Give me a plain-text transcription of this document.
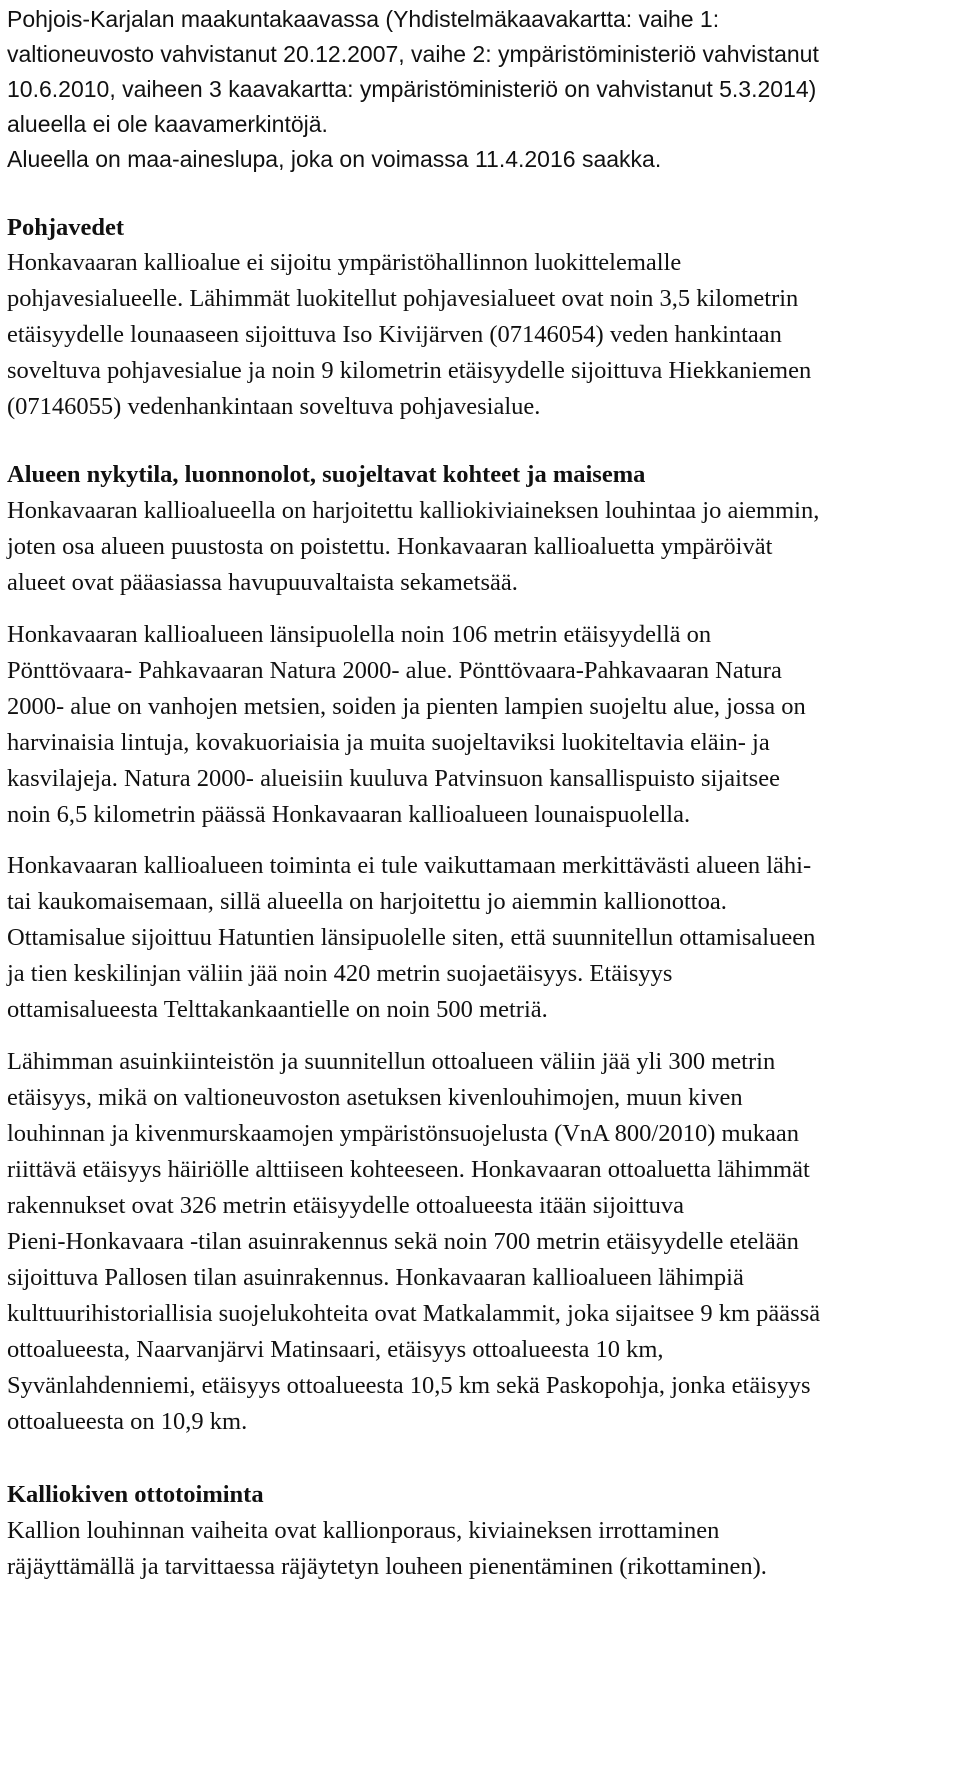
Pohjois-Karjalan maakuntakaavassa (Yhdistelmäkaavakartta: vaihe 1:
valtioneuvosto vahvistanut 20.12.2007, vaihe 2: ympäristöministeriö vahvistanut
10.6.2010, vaiheen 3 kaavakartta: ympäristöministeriö on vahvistanut 5.3.2014)
alueella ei ole kaavamerkintöjä.
Alueella on maa-aineslupa, joka on voimassa 11.4.2016 saakka.
Pohjavedet
Honkavaaran kallioalue ei sijoitu ympäristöhallinnon luokittelemalle
pohjavesialueelle. Lähimmät luokitellut pohjavesialueet ovat noin 3,5 kilometrin
etäisyydelle lounaaseen sijoittuva Iso Kivijärven (07146054) veden hankintaan
soveltuva pohjavesialue ja noin 9 kilometrin etäisyydelle sijoittuva Hiekkaniemen
(07146055) vedenhankintaan soveltuva pohjavesialue.
Alueen nykytila, luonnonolot, suojeltavat kohteet ja maisema
Honkavaaran kallioalueella on harjoitettu kalliokiviaineksen louhintaa jo aiemmin,
joten osa alueen puustosta on poistettu. Honkavaaran kallioaluetta ympäröivät
alueet ovat pääasiassa havupuuvaltaista sekametsää.
Honkavaaran kallioalueen länsipuolella noin 106 metrin etäisyydellä on
Pönttövaara- Pahkavaaran Natura 2000- alue. Pönttövaara-Pahkavaaran Natura
2000- alue on vanhojen metsien, soiden ja pienten lampien suojeltu alue, jossa on
harvinaisia lintuja, kovakuoriaisia ja muita suojeltaviksi luokiteltavia eläin- ja
kasvilajeja. Natura 2000- alueisiin kuuluva Patvinsuon kansallispuisto sijaitsee
noin 6,5 kilometrin päässä Honkavaaran kallioalueen lounaispuolella.
Honkavaaran kallioalueen toiminta ei tule vaikuttamaan merkittävästi alueen lähi-
tai kaukomaisemaan, sillä alueella on harjoitettu jo aiemmin kallionottoa.
Ottamisalue sijoittuu Hatuntien länsipuolelle siten, että suunnitellun ottamisalueen
ja tien keskilinjan väliin jää noin 420 metrin suojaetäisyys. Etäisyys
ottamisalueesta Telttakankaantielle on noin 500 metriä.
Lähimman asuinkiinteistön ja suunnitellun ottoalueen väliin jää yli 300 metrin
etäisyys, mikä on valtioneuvoston asetuksen kivenlouhimojen, muun kiven
louhinnan ja kivenmurskaamojen ympäristönsuojelusta (VnA 800/2010) mukaan
riittävä etäisyys häiriölle alttiiseen kohteeseen. Honkavaaran ottoaluetta lähimmät
rakennukset ovat 326 metrin etäisyydelle ottoalueesta itään sijoittuva
Pieni-Honkavaara -tilan asuinrakennus sekä noin 700 metrin etäisyydelle etelään
sijoittuva Pallosen tilan asuinrakennus. Honkavaaran kallioalueen lähimpiä
kulttuurihistoriallisia suojelukohteita ovat Matkalammit, joka sijaitsee 9 km päässä
ottoalueesta, Naarvanjärvi Matinsaari, etäisyys ottoalueesta 10 km,
Syvänlahdenniemi, etäisyys ottoalueesta 10,5 km sekä Paskopohja, jonka etäisyys
ottoalueesta on 10,9 km.
Kalliokiven ottotoiminta
Kallion louhinnan vaiheita ovat kallionporaus, kiviaineksen irrottaminen
räjäyttämällä ja tarvittaessa räjäytetyn louheen pienentäminen (rikottaminen).
